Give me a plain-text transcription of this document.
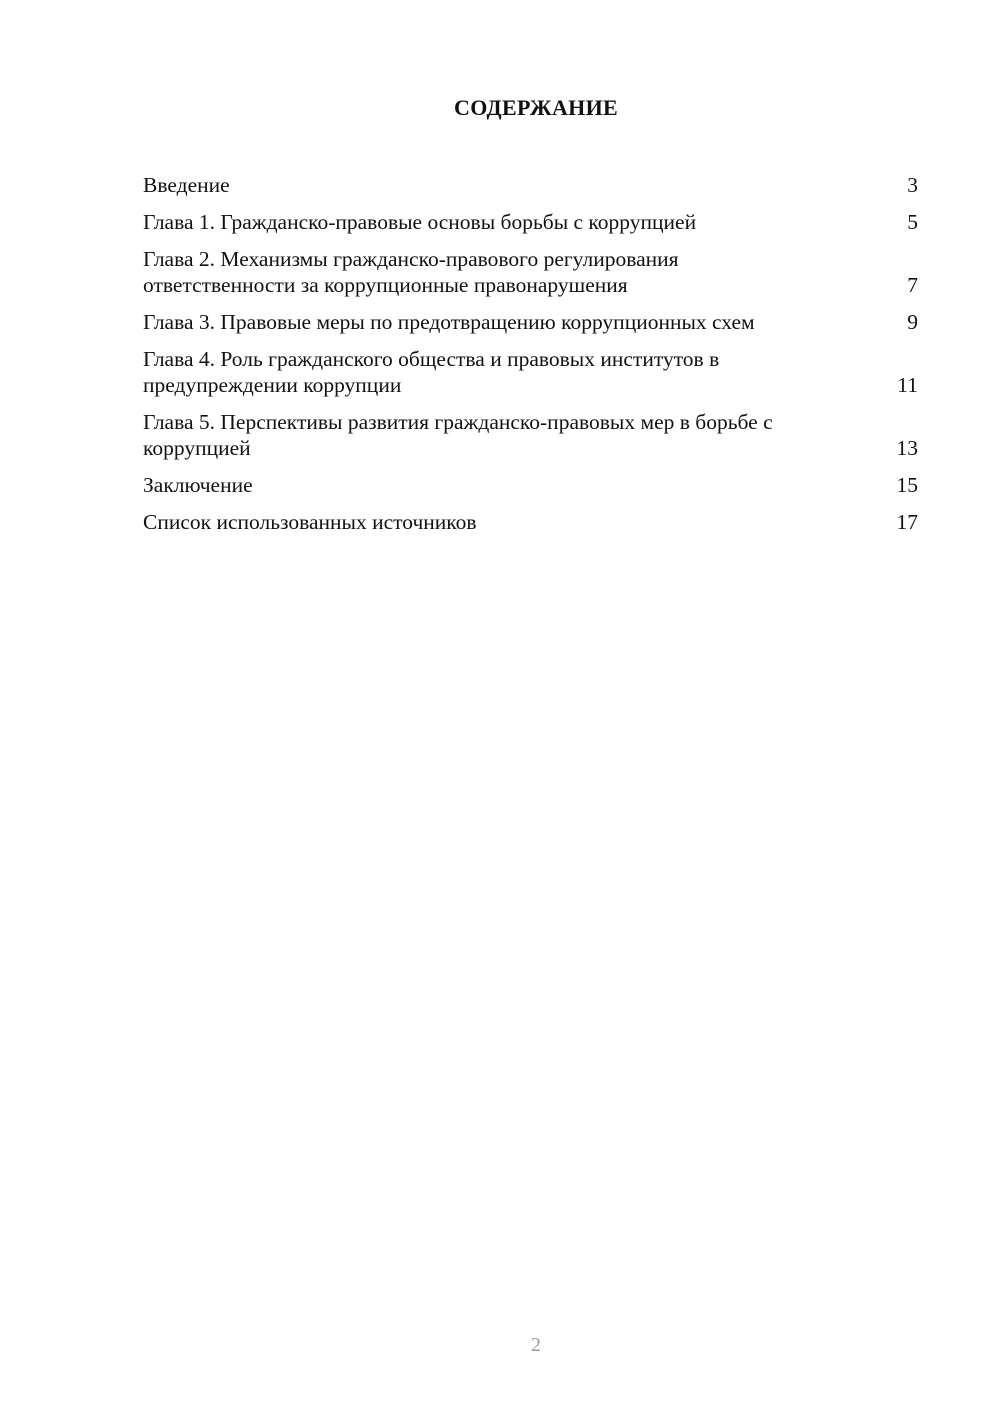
СОДЕРЖАНИЕ
Введение	3
Глава 1. Гражданско-правовые основы борьбы с коррупцией	5
Глава 2. Механизмы гражданско-правового регулирования ответственности за коррупционные правонарушения	7
Глава 3. Правовые меры по предотвращению коррупционных схем	9
Глава 4. Роль гражданского общества и правовых институтов в предупреждении коррупции	11
Глава 5. Перспективы развития гражданско-правовых мер в борьбе с коррупцией	13
Заключение	15
Список использованных источников	17
2
